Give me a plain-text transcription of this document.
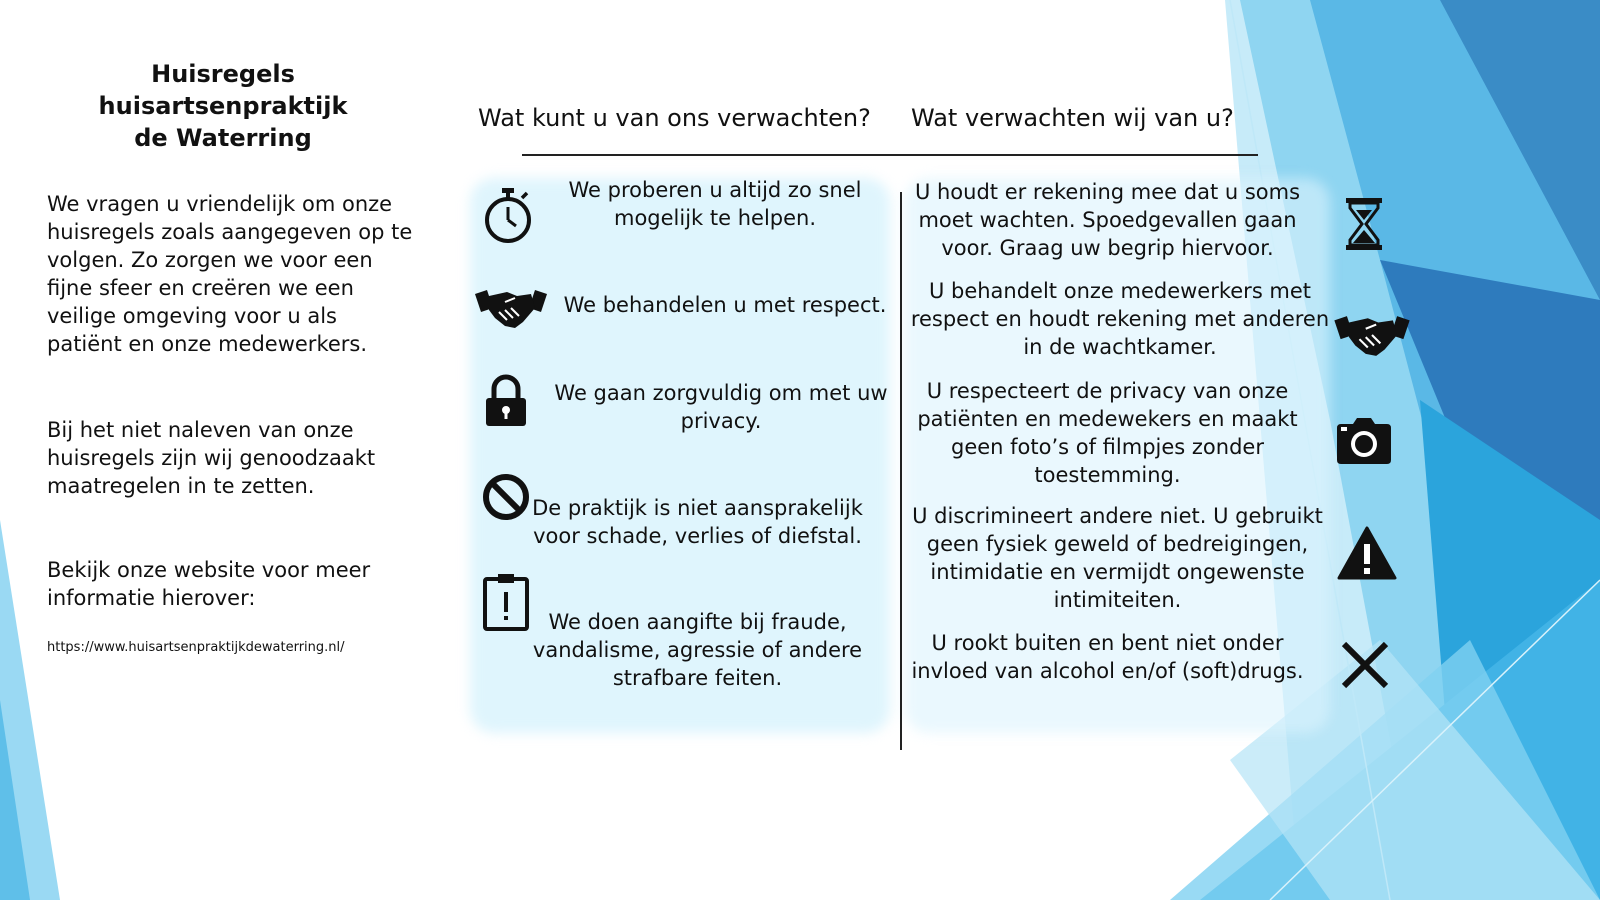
Huisregels huisartsenpraktijk
de Waterring
We vragen u vriendelijk om onze
huisregels zoals aangegeven op te
volgen. Zo zorgen we voor een
fijne sfeer en creëren we een
veilige omgeving voor u als
patiënt en onze medewerkers.
Bij het niet naleven van onze
huisregels zijn wij genoodzaakt
maatregelen in te zetten.
Bekijk onze website voor meer
informatie hierover:
https://www.huisartsenpraktijkdewaterring.nl/
Wat kunt u van ons verwachten? Wat verwachten wij van u?
We proberen u altijd zo snel
mogelijk te helpen.
We behandelen u met respect.
We gaan zorgvuldig om met uw
privacy.
De praktijk is niet aansprakelijk
voor schade, verlies of diefstal.
We doen aangifte bij fraude,
vandalisme, agressie of andere
strafbare feiten.
U houdt er rekening mee dat u soms
moet wachten. Spoedgevallen gaan
voor. Graag uw begrip hiervoor.
U behandelt onze medewerkers met
respect en houdt rekening met anderen
in de wachtkamer.
U respecteert de privacy van onze
patiënten en medewekers en maakt
geen foto’s of filmpjes zonder
toestemming.
U discrimineert andere niet. U gebruikt
geen fysiek geweld of bedreigingen,
intimidatie en vermijdt ongewenste
intimiteiten.
U rookt buiten en bent niet onder
invloed van alcohol en/of (soft)drugs.
